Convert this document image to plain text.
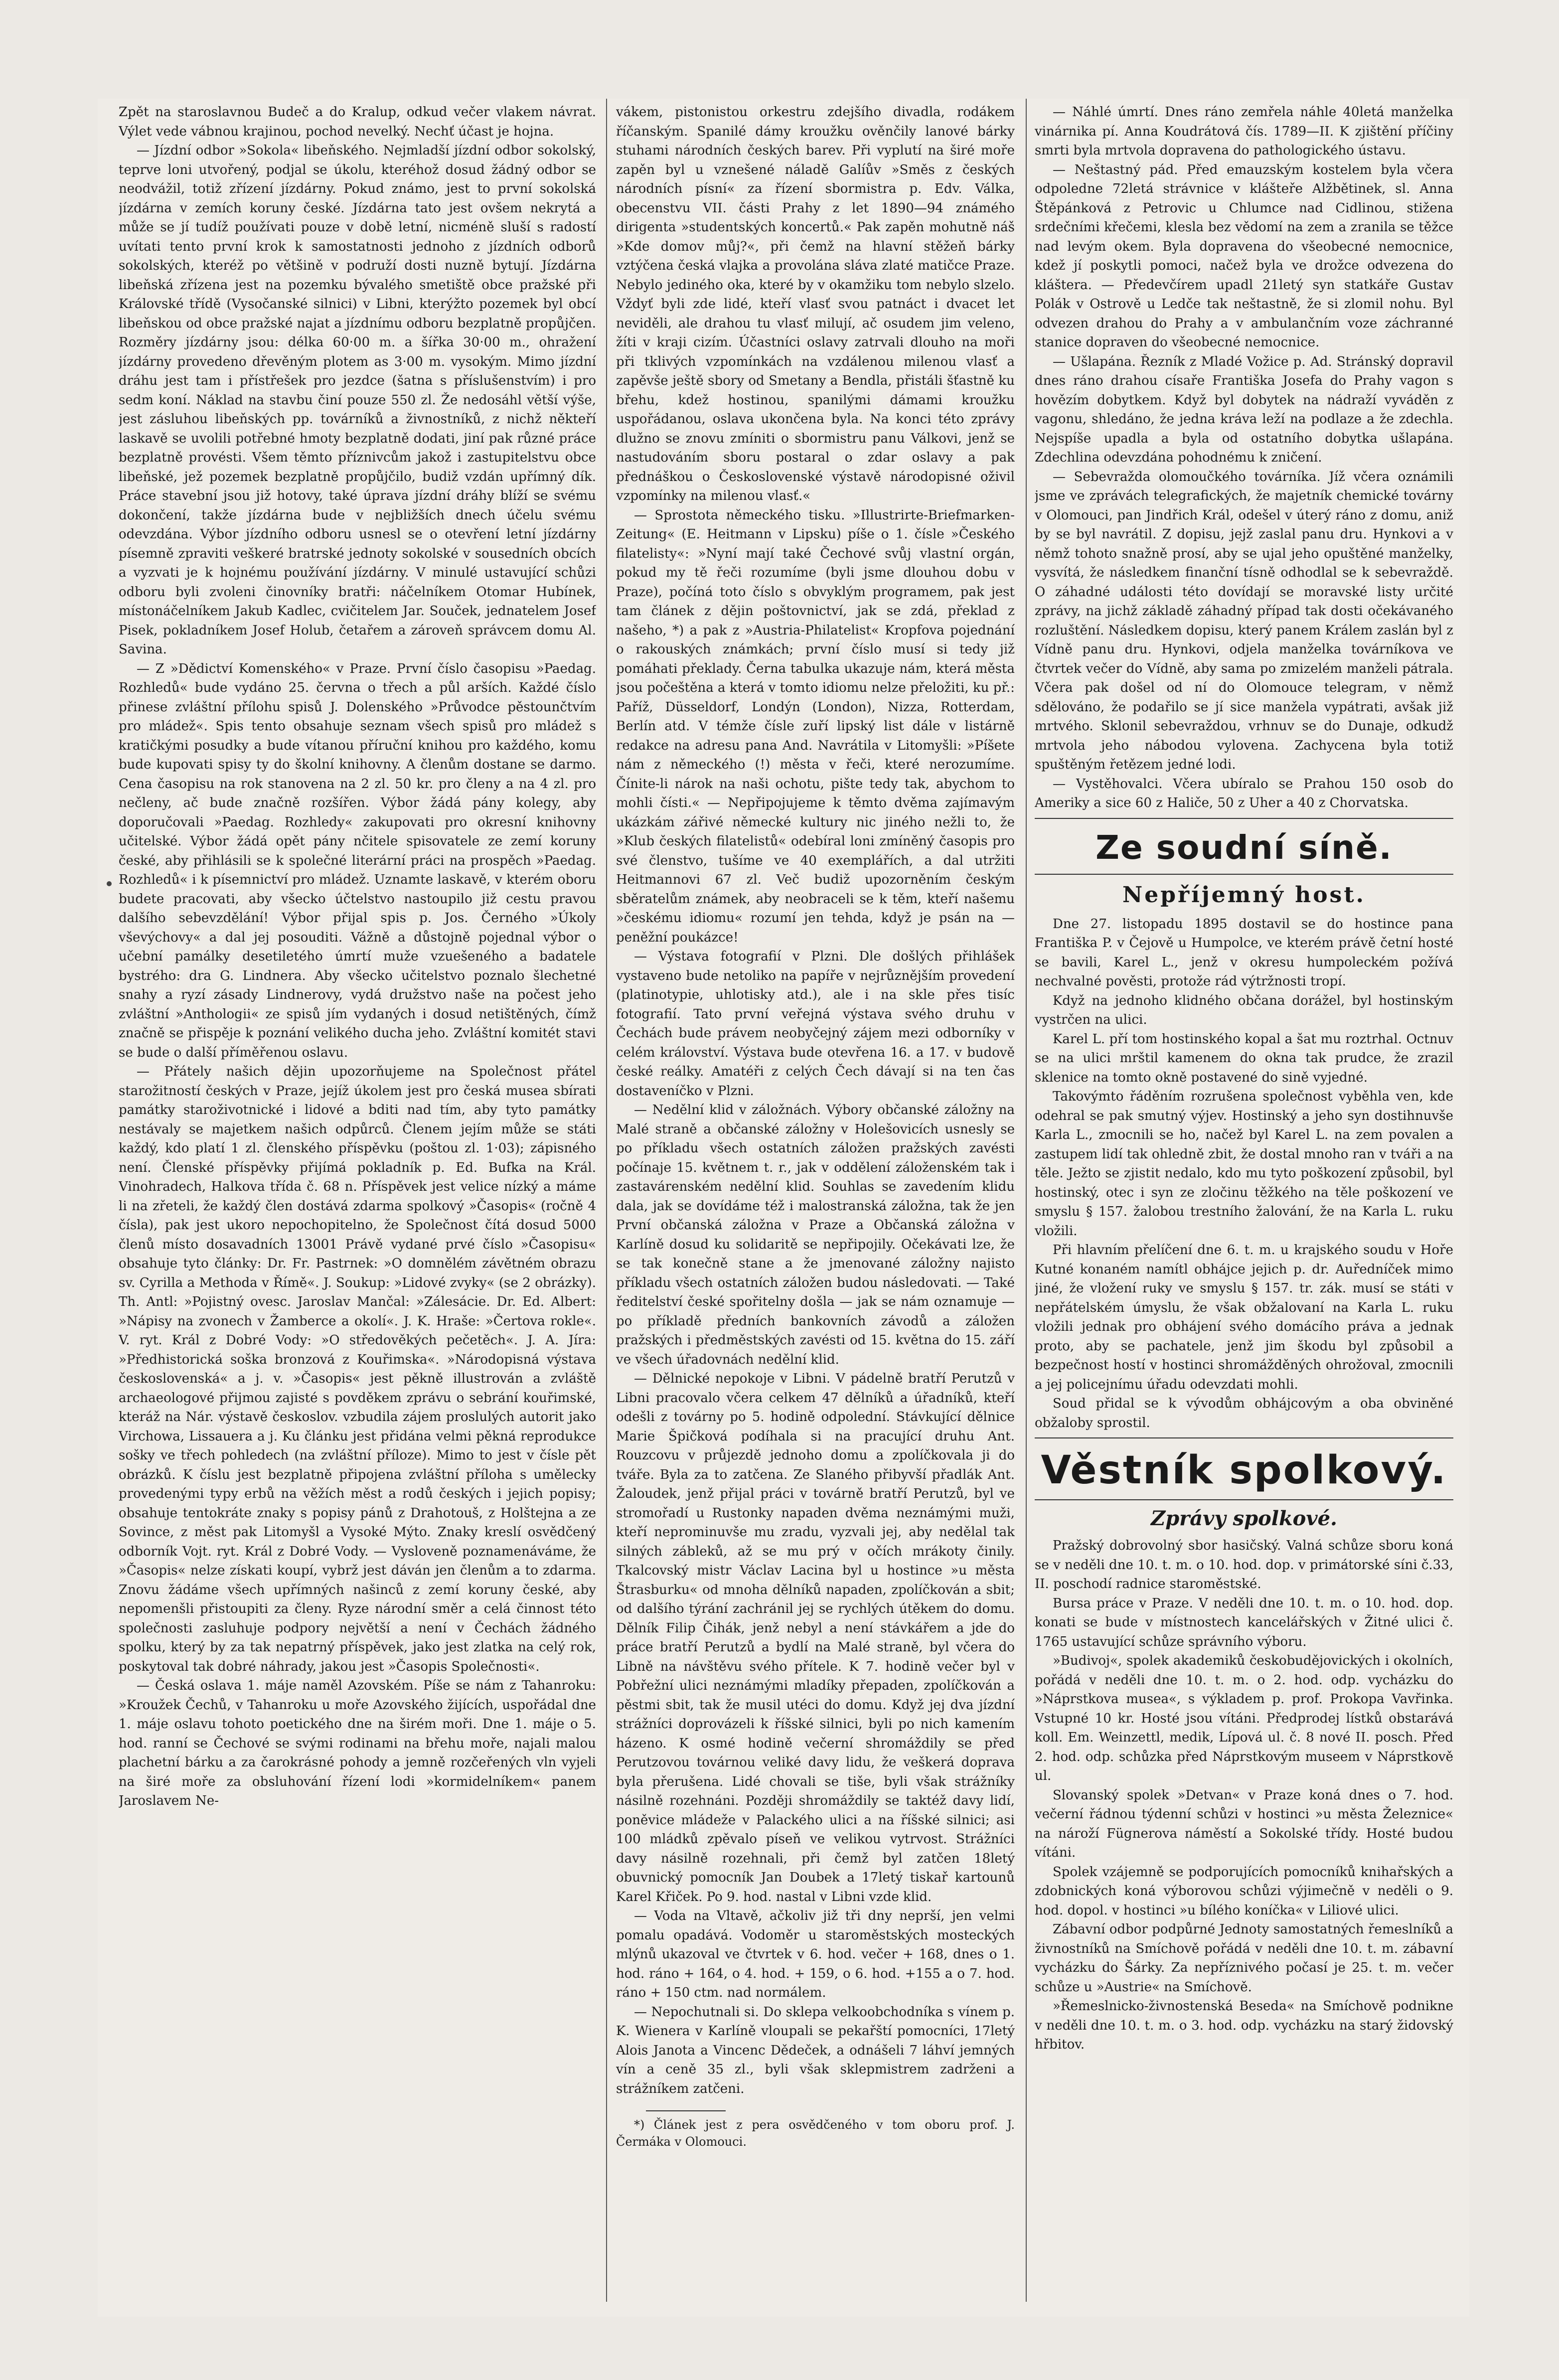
Zpět na staroslavnou Budeč a do Kralup, odkud večer vlakem návrat. Výlet vede vábnou krajinou, pochod nevelký. Nechť účast je hojna.

— Jízdní odbor »Sokola« libeňského. Nejmladší jízdní odbor sokolský, teprve loni utvořený, podjal se úkolu, kteréhož dosud žádný odbor se neodvážil, totiž zřízení jízdárny. Pokud známo, jest to první sokolská jízdárna v zemích koruny české. Jízdárna tato jest ovšem nekrytá a může se jí tudíž používati pouze v době letní, nicméně sluší s radostí uvítati tento první krok k samostatnosti jednoho z jízdních odborů sokolských, kteréž po většině v podruží dosti nuzně bytují. Jízdárna libeňská zřízena jest na pozemku bývalého smetiště obce pražské při Královské třídě (Vysočanské silnici) v Libni, kterýžto pozemek byl obcí libeňskou od obce pražské najat a jízdnímu odboru bezplatně propůjčen. Rozměry jízdárny jsou: délka 60·00 m. a šířka 30·00 m., ohražení jízdárny provedeno dřevěným plotem as 3·00 m. vysokým. Mimo jízdní dráhu jest tam i přístřešek pro jezdce (šatna s příslušenstvím) i pro sedm koní. Náklad na stavbu činí pouze 550 zl. Že nedosáhl větší výše, jest zásluhou libeňských pp. továrníků a živnostníků, z nichž někteří laskavě se uvolili potřebné hmoty bezplatně dodati, jiní pak různé práce bezplatně provésti. Všem těmto příznivcům jakož i zastupitelstvu obce libeňské, jež pozemek bezplatně propůjčilo, budiž vzdán upřímný dík. Práce stavební jsou již hotovy, také úprava jízdní dráhy blíží se svému dokončení, takže jízdárna bude v nejbližších dnech účelu svému odevzdána. Výbor jízdního odboru usnesl se o otevření letní jízdárny písemně zpraviti veškeré bratrské jednoty sokolské v sousedních obcích a vyzvati je k hojnému používání jízdárny. V minulé ustavující schůzi odboru byli zvoleni činovníky bratři: náčelníkem Otomar Hubínek, místonáčelníkem Jakub Kadlec, cvičitelem Jar. Souček, jednatelem Josef Pisek, pokladníkem Josef Holub, četařem a zároveň správcem domu Al. Savina.

— Z »Dědictví Komenského« v Praze. První číslo časopisu »Paedag. Rozhledů« bude vydáno 25. června o třech a půl arších. Každé číslo přinese zvláštní přílohu spisů J. Dolenského »Průvodce pěstounčtvím pro mládež«. Spis tento obsahuje seznam všech spisů pro mládež s kratičkými posudky a bude vítanou příruční knihou pro každého, komu bude kupovati spisy ty do školní knihovny. A členům dostane se darmo. Cena časopisu na rok stanovena na 2 zl. 50 kr. pro členy a na 4 zl. pro nečleny, ač bude značně rozšířen. Výbor žádá pány kolegy, aby doporučovali »Paedag. Rozhledy« zakupovati pro okresní knihovny učitelské. Výbor žádá opět pány nčitele spisovatele ze zemí koruny české, aby přihlásili se k společné literární práci na prospěch »Paedag. Rozhledů« i k písemnictví pro mládež. Uznamte laskavě, v kterém oboru budete pracovati, aby všecko účtelstvo nastoupilo již cestu pravou dalšího sebevzdělání! Výbor přijal spis p. Jos. Černého »Úkoly vševýchovy« a dal jej posouditi. Vážně a důstojně pojednal výbor o učební pamálky desetiletého úmrtí muže vzuešeného a badatele bystrého: dra G. Lindnera. Aby všecko učitelstvo poznalo šlechetné snahy a ryzí zásady Lindnerovy, vydá družstvo naše na počest jeho zvláštní »Anthologii« ze spisů jím vydaných i dosud netištěných, čímž značně se přispěje k poznání velikého ducha jeho. Zvláštní komitét stavi se bude o další příměřenou oslavu.

— Přátely našich dějin upozorňujeme na Společnost přátel starožitností českých v Praze, jejíž úkolem jest pro česká musea sbírati památky staroživotnické i lidové a bditi nad tím, aby tyto památky nestávaly se majetkem našich odpůrců. Členem jejím může se státi každý, kdo platí 1 zl. členského příspěvku (poštou zl. 1·03); zápisného není. Členské příspěvky přijímá pokladník p. Ed. Bufka na Král. Vinohradech, Halkova třída č. 68 n. Příspěvek jest velice nízký a máme li na zřeteli, že každý člen dostává zdarma spolkový »Časopis« (ročně 4 čísla), pak jest ukoro nepochopitelno, že Společnost čítá dosud 5000 členů místo dosavadních 13001 Právě vydané prvé číslo »Časopisu« obsahuje tyto články: Dr. Fr. Pastrnek: »O domnělém závětném obrazu sv. Cyrilla a Methoda v Římě«. J. Soukup: »Lidové zvyky« (se 2 obrázky). Th. Antl: »Pojistný ovesс. Jaroslav Mančal: »Zálesácie. Dr. Ed. Albert: »Nápisy na zvonech v Žamberce a okolí«. J. K. Hraše: »Čertova rokle«. V. ryt. Král z Dobré Vody: »O středověkých pečetěch«. J. A. Jíra: »Předhistorická soška bronzová z Kouřimska«. »Národopisná výstava československá« a j. v. »Časopis« jest pěkně illustrován a zvláště archaeologové přijmou zajisté s povděkem zprávu o sebrání kouřimské, kteráž na Nár. výstavě českoslov. vzbudila zájem proslulých autorit jako Virchowa, Lissauera a j. Ku článku jest přidána velmi pěkná reprodukce sošky ve třech pohledech (na zvláštní příloze). Mimo to jest v čísle pět obrázků. K číslu jest bezplatně připojena zvláštní příloha s umělecky provedenými typy erbů na věžích měst a rodů českých i jejich popisy; obsahuje tentokráte znaky s popisy pánů z Drahotouš, z Holštejna a ze Sovince, z měst pak Litomyšl a Vysoké Mýto. Znaky kreslí osvědčený odborník Vojt. ryt. Král z Dobré Vody. — Vysloveně poznamenáváme, že »Časopis« nelze získati koupí, vybrž jest dáván jen členům a to zdarma. Znovu žádáme všech upřímných našinců z zemí koruny české, aby nepomenšli přistoupiti za členy. Ryze národní směr a celá činnost této společnosti zasluhuje podpory největší a není v Čechách žádného spolku, který by za tak nepatrný příspěvek, jako jest zlatka na celý rok, poskytoval tak dobré náhrady, jakou jest »Časopis Společnosti«.

— Česká oslava 1. máje naměl Azovském. Píše se nám z Tahanroku: »Kroužek Čechů, v Tahanroku u moře Azovského žijících, uspořádal dne 1. máje oslavu tohoto poetického dne na širém moři. Dne 1. máje o 5. hod. ranní se Čechové se svými rodinami na břehu moře, najali malou plachetní bárku a za čarokrásné pohody a jemně rozčeřených vln vyjeli na širé moře za obsluhování řízení lodi »kormidelníkem« panem Jaroslavem Ne-

vákem, pistonistou orkestru zdejšího divadla, rodákem říčanským. Spanilé dámy kroužku ověnčily lanové bárky stuhami národních českých barev. Při vyplutí na širé moře zapěn byl u vznešené náladě Galíův »Směs z českých národních písní« za řízení sbormistra p. Edv. Válka, obecenstvu VII. části Prahy z let 1890—94 známého dirigenta »studentských koncertů.« Pak zapěn mohutně náš »Kde domov můj?«, při čemž na hlavní stěžeň bárky vztýčena česká vlajka a provolána sláva zlaté matičce Praze. Nebylo jediného oka, které by v okamžiku tom nebylo slzelo. Vždyť byli zde lidé, kteří vlasť svou patnáct i dvacet let neviděli, ale drahou tu vlasť milují, ač osudem jim velenо, žíti v kraji cizím. Účastníci oslavy zatrvali dlouho na moři při tklivých vzpomínkách na vzdálenou milenou vlasť a zapěvše ještě sbory od Smetany a Bendla, přistáli šťastně ku břehu, kdež hostinou, spanilými dámami kroužku uspořádanou, oslava ukončena byla. Na konci této zprávy dlužno se znovu zmíniti o sbormistru panu Válkovi, jenž se nastudováním sboru postaral o zdar oslavy a pak přednáškou o Československé výstavě národopisné oživil vzpomínky na milenou vlasť.«

— Sprostota německého tisku. »Illustrirte-Briefmarken-Zeitung« (E. Heitmann v Lipsku) píše o 1. čísle »Českého filatelisty«: »Nyní mají také Čechové svůj vlastní orgán, pokud my tě řeči rozumíme (byli jsme dlouhou dobu v Praze), počíná toto číslo s obvyklým programem, pak jest tam článek z dějin poštovnictví, jak se zdá, překlad z našeho, *) a pak z »Austria-Philatelist« Kropfova pojednání o rakouských známkách; první číslo musí si tedy již pomáhati překlady. Černa tabulka ukazuje nám, která města jsou počeštěna a která v tomto idiomu nelze přeložiti, ku př.: Paříž, Düsseldorf, Londýn (London), Nizza, Rotterdam, Berlín atd. V témže čísle zuří lipský list dále v listárně redakce na adresu pana And. Navrátila v Litomyšli: »Píšete nám z německého (!) města v řeči, které nerozumíme. Čínite-li nárok na naši ochotu, pište tedy tak, abychom to mohli čísti.« — Nepřipojujeme k těmto dvěma zajímavým ukázkám zářivé německé kultury nic jiného nežli to, že »Klub českých filatelistů« odebíral loni zmíněný časopis pro své členstvo, tušíme ve 40 exemplářích, a dal utržiti Heitmannovi 67 zl. Več budiž upozorněním českým sběratelům známek, aby neobraceli se k těm, kteří našemu »českému idiomu« rozumí jen tehda, když je psán na — peněžní poukázce!

— Výstava fotografií v Plzni. Dle došlých přihlášek vystaveno bude netoliko na papíře v nejrůznějším provedení (platinotypie, uhlotisky atd.), ale i na skle přes tisíc fotografií. Tato první veřejná výstava svého druhu v Čechách bude právem neobyčejný zájem mezi odborníky v celém království. Výstava bude otevřena 16. a 17. v budově české reálky. Amatéři z celých Čech dávají si na ten čas dostaveníčko v Plzni.

— Nedělní klid v záložnách. Výbory občanské záložny na Malé straně a občanské záložny v Holešovicích usnesly se po příkladu všech ostatních záložen pražských zavésti počínaje 15. květnem t. r., jak v oddělení záloženském tak i zastavárenském nedělní klid. Souhlas se zavedením klidu dala, jak se dovídáme též i malostranská záložna, tak že jen První občanská záložna v Praze a Občanská záložna v Karlíně dosud ku solidaritě se nepřipojily. Očekávati lze, že se tak konečně stane a že jmenované záložny najisto příkladu všech ostatních záložen budou následovati. — Také ředitelství české spořitelny došla — jak se nám oznamuje — po příkladě předních bankovních závodů a záložen pražských i předměstských zavésti od 15. května do 15. září ve všech úřadovnách nedělní klid.

— Dělnické nepokoje v Libni. V pádelně bratří Perutzů v Libni pracovalo včera celkem 47 dělníků a úřadníků, kteří odešli z továrny po 5. hodině odpolední. Stávkující dělnice Marie Špičková podíhala si na pracující druhu Ant. Rouzcovu v průjezdě jednoho domu a zpolíčkovala ji do tváře. Byla za to zatčena. Ze Slaného přibyvší přadlák Ant. Žaloudek, jenž přijal práci v továrně bratří Perutzů, byl ve stromořadí u Rustonky napaden dvěma neznámými muži, kteří neprominuvše mu zradu, vyzvali jej, aby nedělal tak silných zábleků, až se mu prý v očích mrákoty činily. Tkalcovský mistr Václav Lacina byl u hostince »u města Štrasburku« od mnoha dělníků napaden, zpolíčkován a sbit; od dalšího týrání zachránil jej se rychlých útěkem do domu. Dělník Filip Čihák, jenž nebyl a není stávkářem a jde do práce bratří Perutzů a bydlí na Malé straně, byl včera do Libně na návštěvu svého přítele. K 7. hodině večer byl v Pobřežní ulici neznámými mladíky přepaden, zpolíčkován a pěstmi sbit, tak že musil utéci do domu. Když jej dva jízdní strážníci doprovázeli k říšské silnici, byli po nich kamením házeno. K osmé hodině večerní shromáždily se před Perutzovou továrnou veliké davy lidu, že veškerá doprava byla přerušena. Lidé chovali se tiše, byli však strážníky násilně rozehnáni. Později shromáždily se taktéž davy lidí, poněvice mládeže v Palackého ulici a na říšské silnici; asi 100 mládků zpěvalo píseň ve velikou vytrvost. Strážníci davy násilně rozehnali, při čemž byl zatčen 18letý obuvnický pomocník Jan Doubek a 17letý tiskař kartounů Karel Křiček. Po 9. hod. nastal v Libni vzde klid.

— Voda na Vltavě, ačkoliv již tři dny neprší, jen velmi pomalu opadává. Vodoměr u staroměstských mosteckých mlýnů ukazoval ve čtvrtek v 6. hod. večer + 168, dnes o 1. hod. ráno + 164, o 4. hod. + 159, o 6. hod. +155 a o 7. hod. ráno + 150 ctm. nad normálem.

— Nepochutnali si. Do sklepa velkoobchodníka s vínem p. K. Wienera v Karlíně vloupali se pekařští pomocníci, 17letý Alois Janota a Vincenc Dědeček, a odnášeli 7 láhví jemných vín a ceně 35 zl., byli však sklepmistrem zadrženi a strážníkem zatčeni.

*) Článek jest z pera osvědčeného v tom oboru prof. J. Čermáka v Olomouci.

— Náhlé úmrtí. Dnes ráno zemřela náhle 40letá manželka vinárnika pí. Anna Koudrátová čís. 1789—II. K zjištění příčiny smrti byla mrtvola dopravena do pathologického ústavu.

— Neštastný pád. Před emauzským kostelem byla včera odpoledne 72letá strávnice v klášteře Alžbětinek, sl. Anna Štěpánková z Petrovic u Chlumce nad Cidlinou, stižena srdečními křečemi, klesla bez vědomí na zem a zranila se těžce nad levým okem. Byla dopravena do všeobecné nemocnice, kdež jí poskytli pomoci, načež byla ve drožce odvezena do kláštera. — Předevčírem upadl 21letý syn statkáře Gustav Polák v Ostrově u Ledče tak neštastně, že si zlomil nohu. Byl odvezen drahou do Prahy a v ambulančním voze záchranné stanice dopraven do všeobecné nemocnice.

— Ušlapána. Řezník z Mladé Vožice p. Ad. Stránský dopravil dnes ráno drahou císaře Františka Josefa do Prahy vagon s hovězím dobytkem. Když byl dobytek na nádraží vyváděn z vagonu, shledáno, že jedna kráva leží na podlaze a že zdechla. Nejspíše upadla a byla od ostatního dobytka ušlapána. Zdechlina odevzdána pohodnému k zničení.

— Sebevražda olomoučkého továrníka. Jíž včera oznámili jsme ve zprávách telegrafických, že majetník chemické továrny v Olomouci, pan Jindřich Král, odešel v úterý ráno z domu, aniž by se byl navrátil. Z dopisu, jejž zaslal panu dru. Hynkovi a v němž tohoto snažně prosí, aby se ujal jeho opuštěné manželky, vysvítá, že následkem finanční tísně odhodlal se k sebevraždě. O záhadné události této dovídají se moravské listy určité zprávy, na jichž základě záhadný případ tak dosti očekávaného rozluštění. Následkem dopisu, který panem Králem zaslán byl z Vídně panu dru. Hynkovi, odjela manželka továrníkova ve čtvrtek večer do Vídně, aby sama po zmizelém manželi pátrala. Včera pak došel od ní do Olomouce telegram, v němž sdělováno, že podařilo se jí sice manžela vypátrati, avšak již mrtvého. Sklonil sebevraždou, vrhnuv se do Dunaje, odkudž mrtvola jeho nábodou vylovena. Zachycena byla totiž spuštěným řetězem jedné lodi.

— Vystěhovalci. Včera ubíralo se Prahou 150 osob do Ameriky a sice 60 z Haliče, 50 z Uher a 40 z Chorvatska.

Ze soudní síně.
Nepříjemný host.

Dne 27. listopadu 1895 dostavil se do hostince pana Františka P. v Čejově u Humpolce, ve kterém právě četní hosté se bavili, Karel L., jenž v okresu humpoleckém požívá nechvalné pověsti, protože rád výtržnosti tropí.

Když na jednoho klidného občana dorážel, byl hostinským vystrčen na ulici.

Karel L. pří tom hostinského kopal a šat mu roztrhal. Octnuv se na ulici mrštil kamenem do okna tak prudce, že zrazil sklenice na tomto okně postavené do sině vyjedné.

Takovýmto řáděním rozrušena společnost vyběhla ven, kde odehral se pak smutný výjev. Hostinský a jeho syn dostihnuvše Karla L., zmocnili se ho, načež byl Karel L. na zem povalen a zastupem lidí tak ohledně zbit, že dostal mnoho ran v tváři a na těle. Ježto se zjistit nedalo, kdo mu tyto poškození způsobil, byl hostinský, otec i syn ze zločinu těžkého na těle poškození ve smyslu § 157. žalobou trestního žalování, že na Karla L. ruku vložili.

Při hlavním přelíčení dne 6. t. m. u krajského soudu v Hoře Kutné konaném namítl obhájce jejich p. dr. Auředníček mimo jiné, že vložení ruky ve smyslu § 157. tr. zák. musí se státi v nepřátelském úmyslu, že však obžalovaní na Karla L. ruku vložili jednak pro obhájení svého domácího práva a jednak proto, aby se pachatele, jenž jim škodu byl způsobil a bezpečnost hostí v hostinci shromážděných ohrožoval, zmocnili a jej policejnímu úřadu odevzdati mohli.

Soud přidal se k vývodům obhájcovým a oba obviněné obžaloby sprostil.

Věstník spolkový.
Zprávy spolkové.

Pražský dobrovolný sbor hasičský. Valná schůze sboru koná se v neděli dne 10. t. m. o 10. hod. dop. v primátorské síni č.33, II. poschodí radnice staroměstské.

Bursa práce v Praze. V neděli dne 10. t. m. o 10. hod. dop. konati se bude v místnostech kancelářských v Žitné ulici č. 1765 ustavující schůze správního výboru.

»Budivoj«, spolek akademiků českobudějovických i okolních, pořádá v neděli dne 10. t. m. o 2. hod. odp. vycházku do »Náprstkova musea«, s výkladem p. prof. Prokopa Vavřinka. Vstupné 10 kr. Hosté jsou vítáni. Předprodej lístků obstarává koll. Em. Weinzettl, medik, Lípová ul. č. 8 nové II. posch. Před 2. hod. odp. schůzka před Náprstkovým museem v Náprstkově ul.

Slovanský spolek »Detvan« v Praze koná dnes o 7. hod. večerní řádnou týdenní schůzi v hostinci »u města Železnice« na nároží Fügnerova náměstí a Sokolské třídy. Hosté budou vítáni.

Spolek vzájemně se podporujících pomocníků knihařských a zdobnických koná výborovou schůzi výjimečně v neděli o 9. hod. dopol. v hostinci »u bílého koníčka« v Liliové ulici.

Zábavní odbor podpůrné Jednoty samostatných řemeslníků a živnostníků na Smíchově pořádá v neděli dne 10. t. m. zábavní vycházku do Šárky. Za nepříznivého počasí je 25. t. m. večer schůze u »Austrie« na Smíchově.

»Řemeslnicko-živnostenská Beseda« na Smíchově podnikne v neděli dne 10. t. m. o 3. hod. odp. vycházku na starý židovský hřbitov.
